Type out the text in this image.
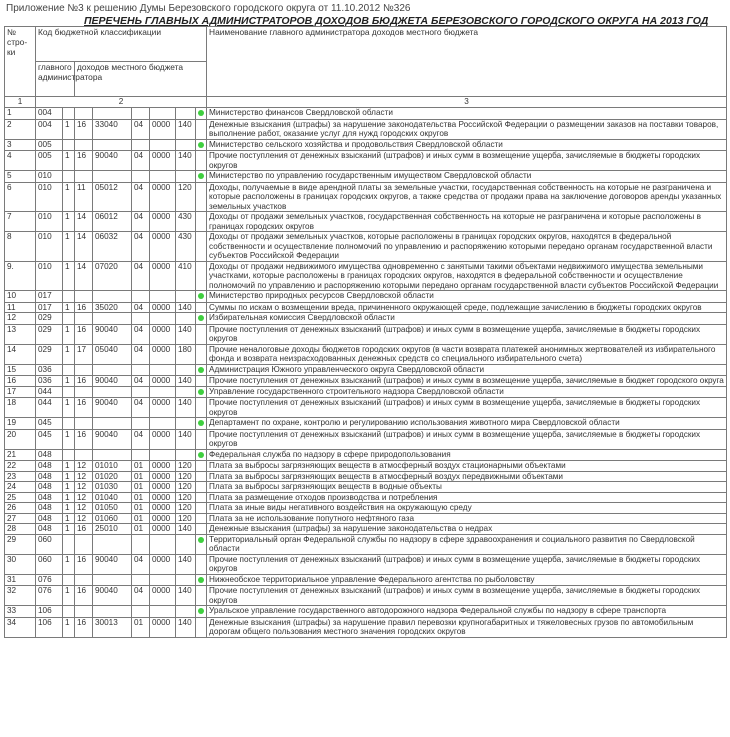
Приложение №3 к решению Думы Березовского городского округа от 11.10.2012 №326
ПЕРЕЧЕНЬ ГЛАВНЫХ АДМИНИСТРАТОРОВ ДОХОДОВ БЮДЖЕТА БЕРЕЗОВСКОГО ГОРОДСКОГО ОКРУГА НА 2013 ГОД
№ стро-ки	Код бюджетной классификации								Наименование главного администратора доходов местного бюджета
	главного администратора		доходов местного бюджета						
1	2								3
1	004								Министерство финансов Свердловской области
2	004	1	16	33040	04	0000	140		Денежные взыскания (штрафы) за нарушение законодательства Российской Федерации о размещении заказов на поставки товаров, выполнение работ, оказание услуг для нужд городских округов
3	005								Министерство сельского хозяйства и продовольствия Свердловской области
4	005	1	16	90040	04	0000	140		Прочие поступления от денежных взысканий (штрафов) и иных сумм в возмещение ущерба, зачисляемые в бюджеты городских округов
5	010								Министерство по управлению государственным имуществом Свердловской области
6	010	1	11	05012	04	0000	120		Доходы, получаемые в виде арендной платы за земельные участки, государственная собственность на которые не разграничена и которые расположены в границах городских округов, а также средства от продажи права на заключение договоров аренды указанных земельных участков
7	010	1	14	06012	04	0000	430		Доходы от продажи земельных участков, государственная собственность на которые не разграничена и которые расположены в границах городских округов
8	010	1	14	06032	04	0000	430		Доходы от продажи земельных участков, которые расположены в границах городских округов, находятся в федеральной собственности и осуществление полномочий по управлению и распоряжению которыми передано органам государственной власти субъектов Российской Федерации
9.	010	1	14	07020	04	0000	410		Доходы от продажи недвижимого имущества одновременно с занятыми такими объектами недвижимого имущества земельными участками, которые расположены в границах городских округов, находятся в федеральной собственности и осуществление полномочий по управлению и распоряжению которыми передано органам государственной власти субъектов Российской Федерации
10	017								Министерство природных ресурсов Свердловской области
11	017	1	16	35020	04	0000	140		Суммы по искам о возмещении вреда, причиненного окружающей среде, подлежащие зачислению в бюджеты городских округов
12	029								Избирательная комиссия Свердловской области
13	029	1	16	90040	04	0000	140		Прочие поступления от денежных взысканий (штрафов) и иных сумм в возмещение ущерба, зачисляемые в бюджеты городских округов
14	029	1	17	05040	04	0000	180		Прочие неналоговые доходы бюджетов городских округов (в части возврата платежей анонимных жертвователей из избирательного фонда и возврата неизрасходованных денежных средств со специального избирательного счета)
15	036								Администрация Южного управленческого округа Свердловской области
16	036	1	16	90040	04	0000	140		Прочие поступления от денежных взысканий (штрафов) и иных сумм в возмещение ущерба, зачисляемые в бюджет городского округа
17	044								Управление государственного строительного надзора Свердловской области
18	044	1	16	90040	04	0000	140		Прочие поступления от денежных взысканий (штрафов) и иных сумм в возмещение ущерба, зачисляемые в бюджеты городских округов
19	045								Департамент по охране, контролю и регулированию использования животного мира Свердловской области
20	045	1	16	90040	04	0000	140		Прочие поступления от денежных взысканий (штрафов) и иных сумм в возмещение ущерба, зачисляемые в бюджеты городских округов
21	048								Федеральная служба по надзору в сфере природопользования
22	048	1	12	01010	01	0000	120		Плата за выбросы загрязняющих веществ в атмосферный воздух стационарными объектами
23	048	1	12	01020	01	0000	120		Плата за выбросы загрязняющих веществ в атмосферный воздух передвижными объектами
24	048	1	12	01030	01	0000	120		Плата за выбросы загрязняющих веществ в водные объекты
25	048	1	12	01040	01	0000	120		Плата за размещение отходов производства и потребления
26	048	1	12	01050	01	0000	120		Плата за иные виды негативного воздействия на окружающую среду
27	048	1	12	01060	01	0000	120		Плата за не использование попутного нефтяного газа
28	048	1	16	25010	01	0000	140		Денежные взыскания (штрафы) за нарушение законодательства о недрах
29	060								Территориальный орган Федеральной службы по надзору в сфере здравоохранения и социального развития по Свердловской области
30	060	1	16	90040	04	0000	140		Прочие поступления от денежных взысканий (штрафов) и иных сумм в возмещение ущерба, зачисляемые в бюджеты городских округов
31	076								Нижнеобское территориальное управление Федерального агентства по рыболовству
32	076	1	16	90040	04	0000	140		Прочие поступления от денежных взысканий (штрафов) и иных сумм в возмещение ущерба, зачисляемые в бюджеты городских округов
33	106								Уральское управление государственного автодорожного надзора Федеральной службы по надзору в сфере транспорта
34	106	1	16	30013	01	0000	140		Денежные взыскания (штрафы) за нарушение правил перевозки крупногабаритных и тяжеловесных грузов по автомобильным дорогам общего пользования местного значения городских округов
